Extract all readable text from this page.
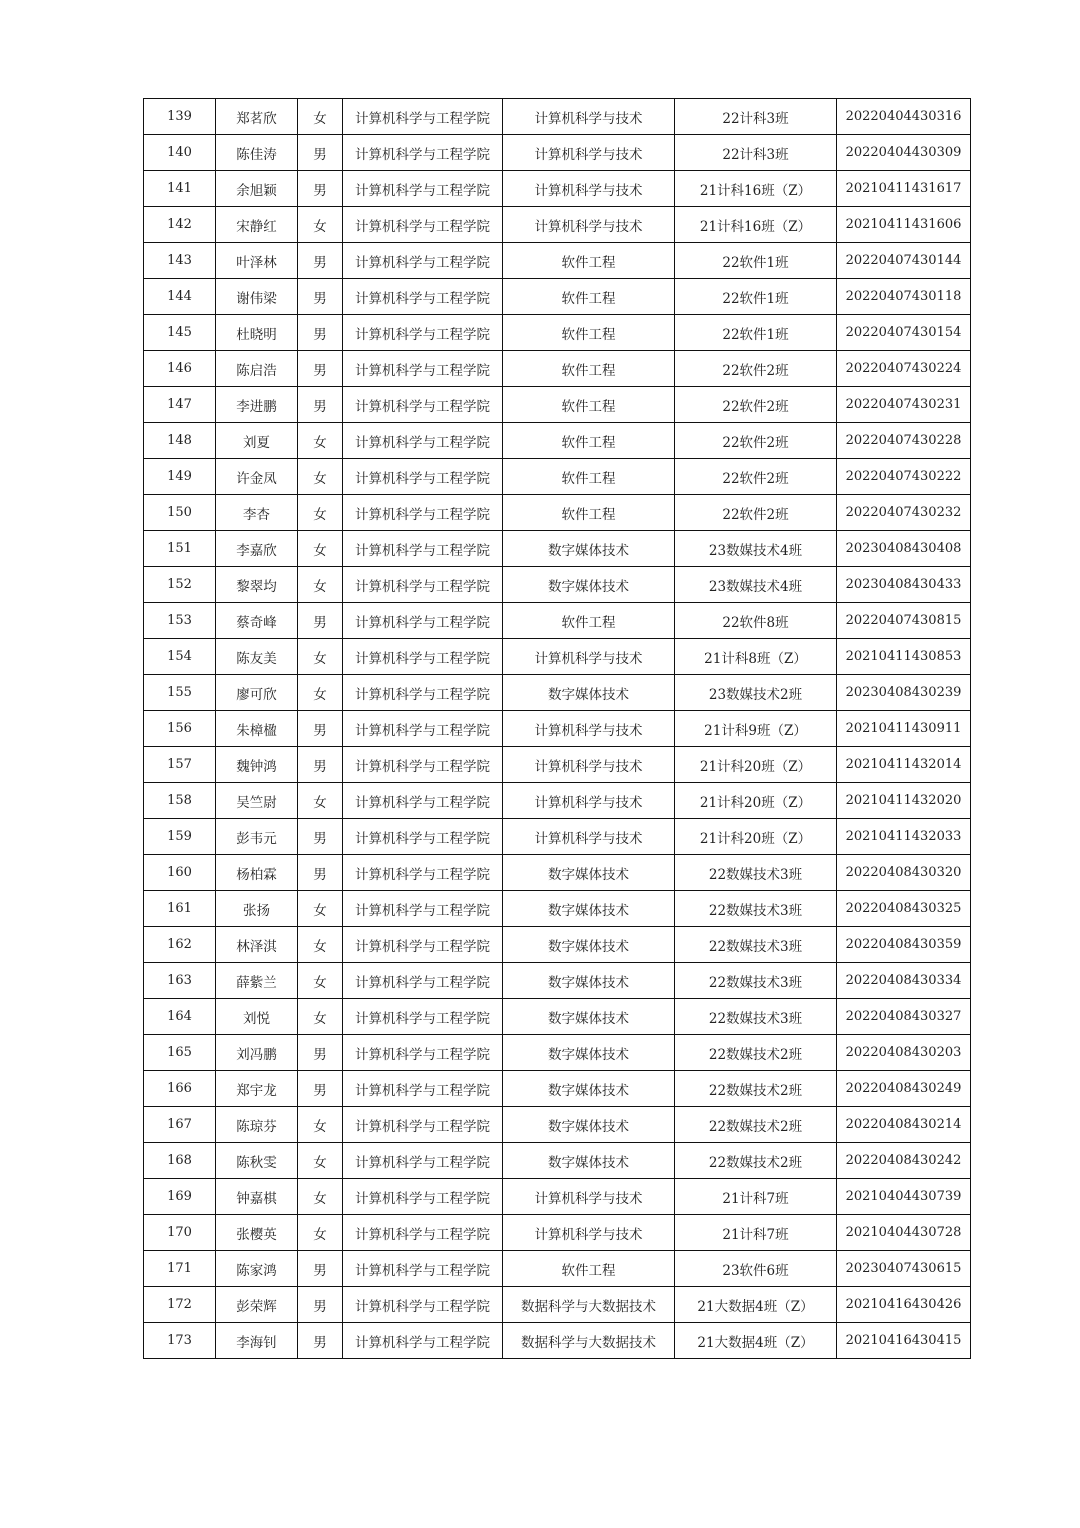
139	郑茗欣	女	计算机科学与工程学院	计算机科学与技术	22计科3班	20220404430316
140	陈佳涛	男	计算机科学与工程学院	计算机科学与技术	22计科3班	20220404430309
141	余旭颖	男	计算机科学与工程学院	计算机科学与技术	21计科16班（Z）	20210411431617
142	宋静红	女	计算机科学与工程学院	计算机科学与技术	21计科16班（Z）	20210411431606
143	叶泽林	男	计算机科学与工程学院	软件工程	22软件1班	20220407430144
144	谢伟梁	男	计算机科学与工程学院	软件工程	22软件1班	20220407430118
145	杜晓明	男	计算机科学与工程学院	软件工程	22软件1班	20220407430154
146	陈启浩	男	计算机科学与工程学院	软件工程	22软件2班	20220407430224
147	李进鹏	男	计算机科学与工程学院	软件工程	22软件2班	20220407430231
148	刘夏	女	计算机科学与工程学院	软件工程	22软件2班	20220407430228
149	许金凤	女	计算机科学与工程学院	软件工程	22软件2班	20220407430222
150	李杏	女	计算机科学与工程学院	软件工程	22软件2班	20220407430232
151	李嘉欣	女	计算机科学与工程学院	数字媒体技术	23数媒技术4班	20230408430408
152	黎翠均	女	计算机科学与工程学院	数字媒体技术	23数媒技术4班	20230408430433
153	蔡奇峰	男	计算机科学与工程学院	软件工程	22软件8班	20220407430815
154	陈友美	女	计算机科学与工程学院	计算机科学与技术	21计科8班（Z）	20210411430853
155	廖可欣	女	计算机科学与工程学院	数字媒体技术	23数媒技术2班	20230408430239
156	朱樟楹	男	计算机科学与工程学院	计算机科学与技术	21计科9班（Z）	20210411430911
157	魏钟鸿	男	计算机科学与工程学院	计算机科学与技术	21计科20班（Z）	20210411432014
158	吴竺尉	女	计算机科学与工程学院	计算机科学与技术	21计科20班（Z）	20210411432020
159	彭韦元	男	计算机科学与工程学院	计算机科学与技术	21计科20班（Z）	20210411432033
160	杨柏霖	男	计算机科学与工程学院	数字媒体技术	22数媒技术3班	20220408430320
161	张扬	女	计算机科学与工程学院	数字媒体技术	22数媒技术3班	20220408430325
162	林泽淇	女	计算机科学与工程学院	数字媒体技术	22数媒技术3班	20220408430359
163	薛紫兰	女	计算机科学与工程学院	数字媒体技术	22数媒技术3班	20220408430334
164	刘悦	女	计算机科学与工程学院	数字媒体技术	22数媒技术3班	20220408430327
165	刘冯鹏	男	计算机科学与工程学院	数字媒体技术	22数媒技术2班	20220408430203
166	郑宇龙	男	计算机科学与工程学院	数字媒体技术	22数媒技术2班	20220408430249
167	陈琼芬	女	计算机科学与工程学院	数字媒体技术	22数媒技术2班	20220408430214
168	陈秋雯	女	计算机科学与工程学院	数字媒体技术	22数媒技术2班	20220408430242
169	钟嘉棋	女	计算机科学与工程学院	计算机科学与技术	21计科7班	20210404430739
170	张樱英	女	计算机科学与工程学院	计算机科学与技术	21计科7班	20210404430728
171	陈家鸿	男	计算机科学与工程学院	软件工程	23软件6班	20230407430615
172	彭荣辉	男	计算机科学与工程学院	数据科学与大数据技术	21大数据4班（Z）	20210416430426
173	李海钊	男	计算机科学与工程学院	数据科学与大数据技术	21大数据4班（Z）	20210416430415
